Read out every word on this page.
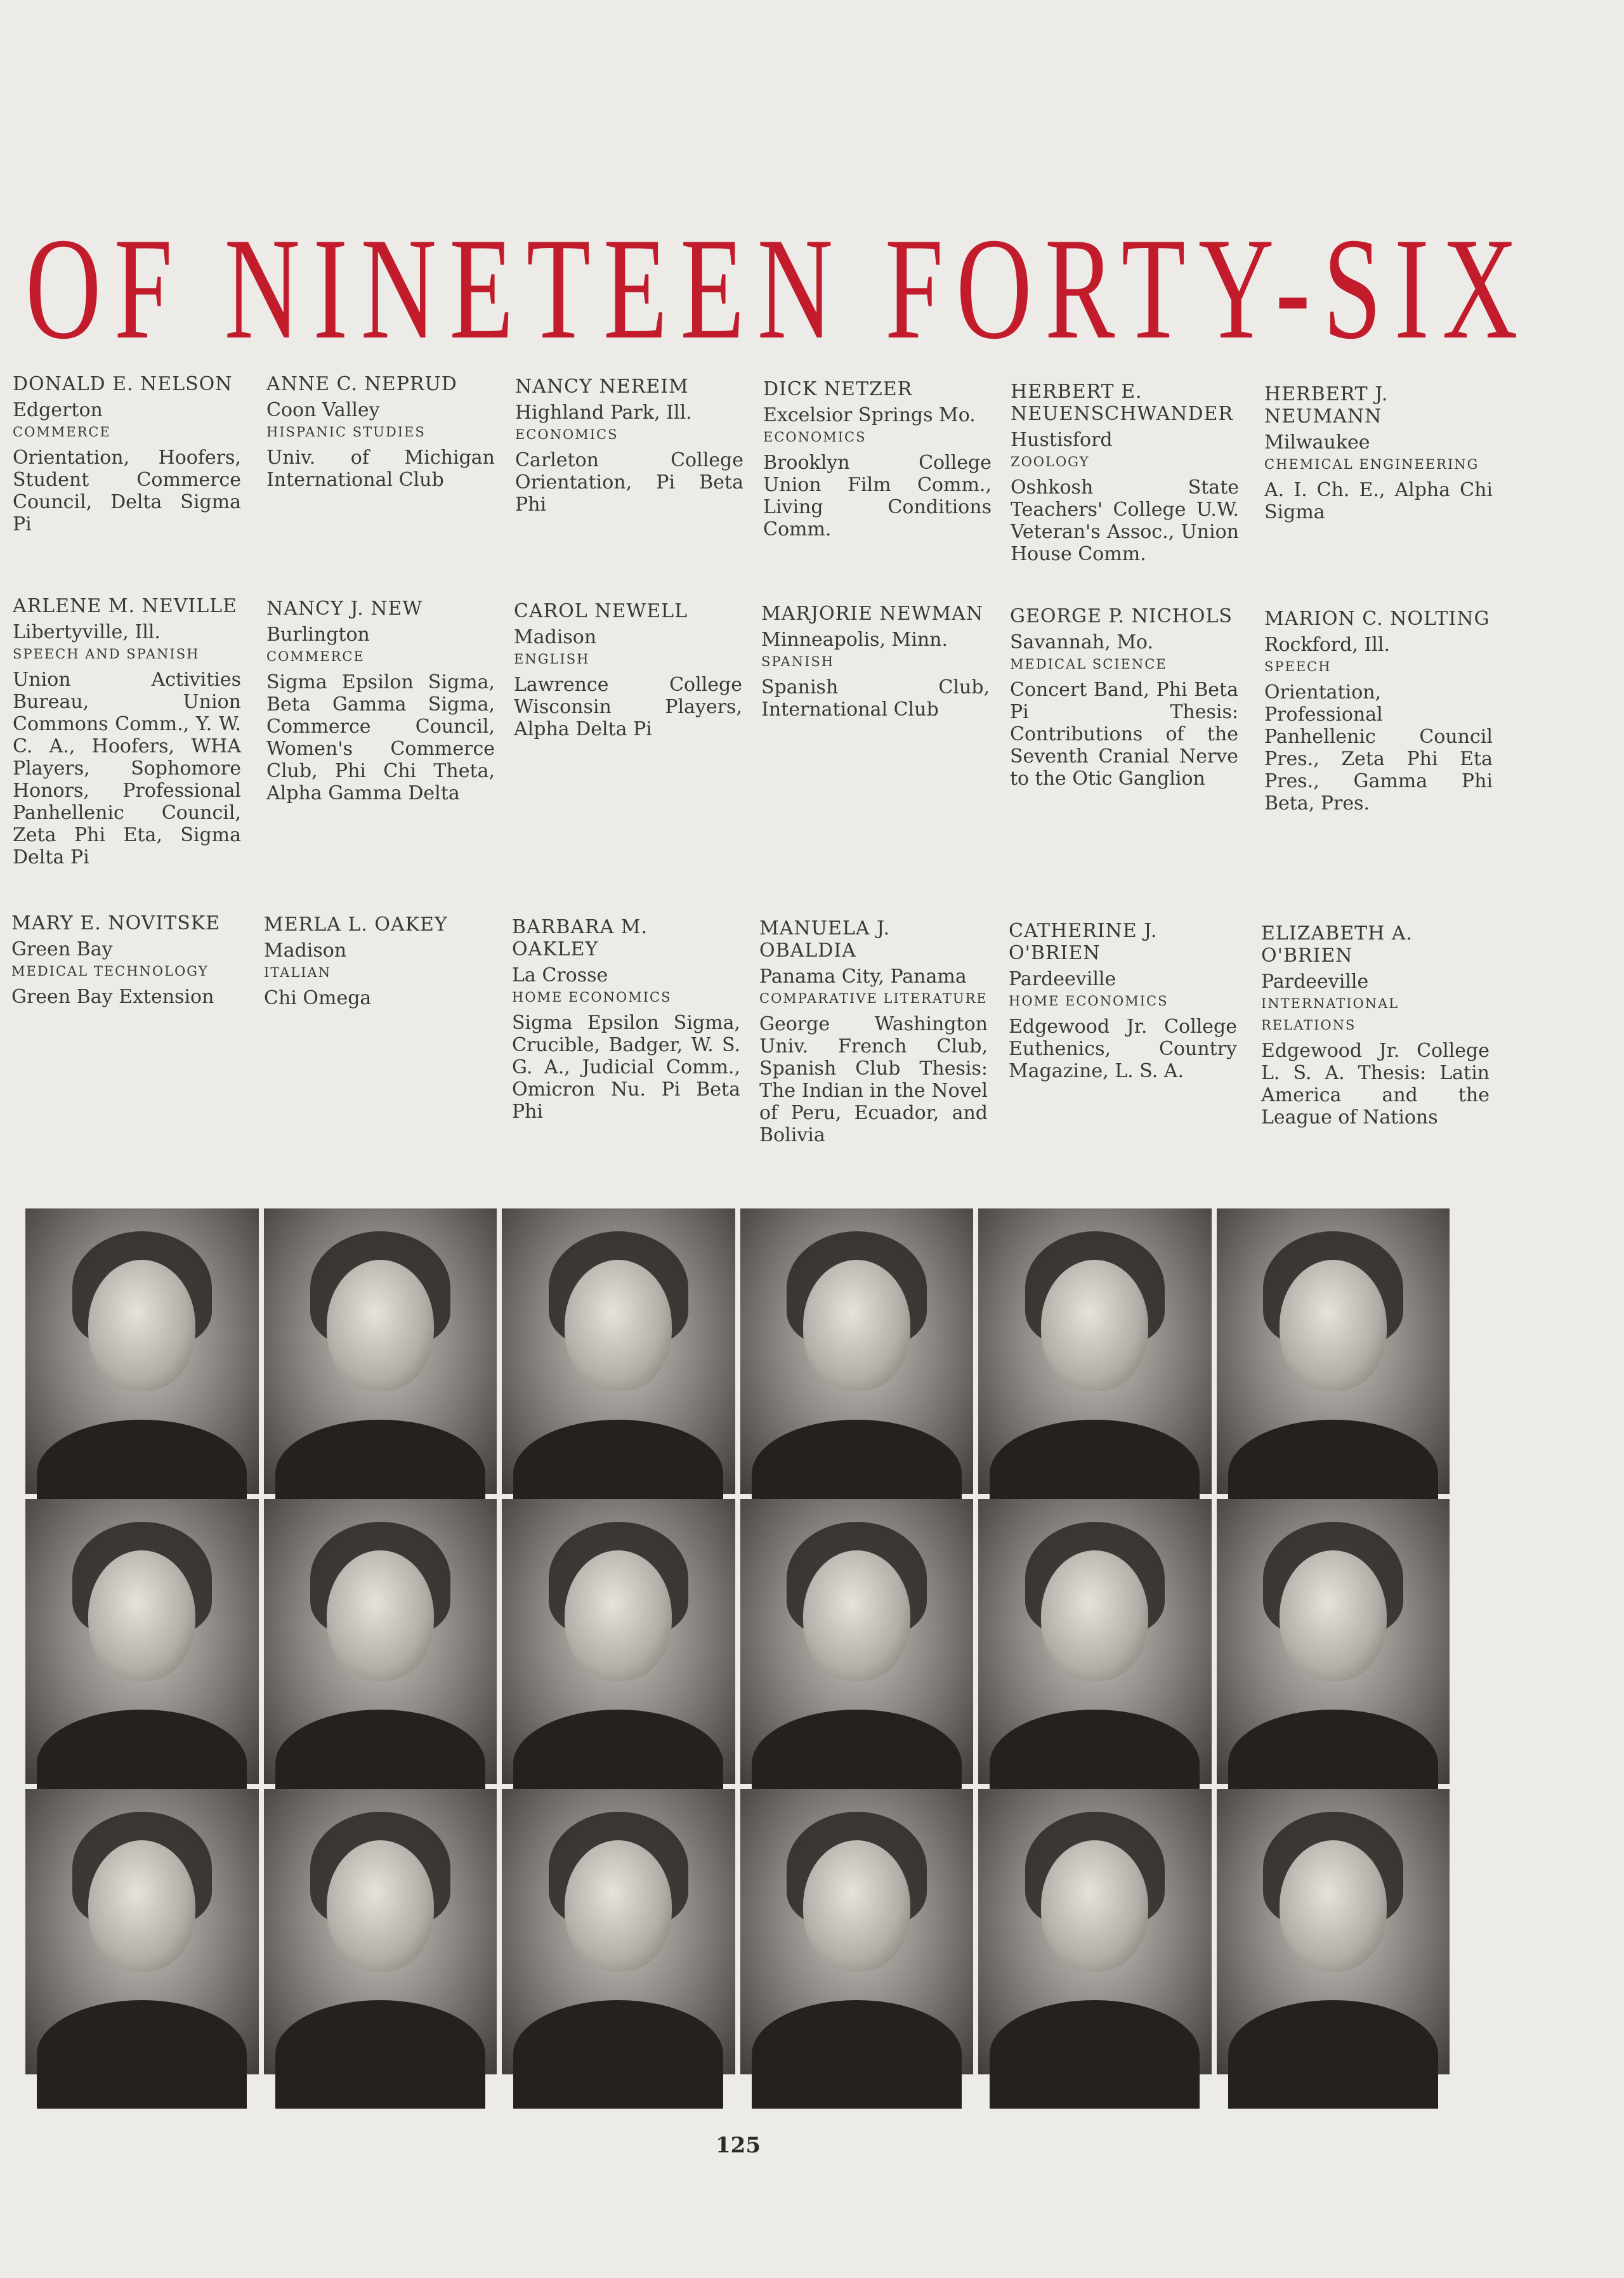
OF NINETEEN FORTY-SIX

DONALD E. NELSON

Edgerton

COMMERCE

Orientation, Hoofers, Student Commerce Council, Delta Sigma Pi

ANNE C. NEPRUD

Coon Valley

HISPANIC STUDIES

Univ. of Michigan International Club

NANCY NEREIM

Highland Park, Ill.

ECONOMICS

Carleton College Orientation, Pi Beta Phi

DICK NETZER

Excelsior Springs Mo.

ECONOMICS

Brooklyn College Union Film Comm., Living Conditions Comm.

HERBERT E. NEUENSCHWANDER

Hustisford

ZOOLOGY

Oshkosh State Teachers' College U.W. Veteran's Assoc., Union House Comm.

HERBERT J. NEUMANN

Milwaukee

CHEMICAL ENGINEERING

A. I. Ch. E., Alpha Chi Sigma

ARLENE M. NEVILLE

Libertyville, Ill.

SPEECH AND SPANISH

Union Activities Bureau, Union Commons Comm., Y. W. C. A., Hoofers, WHA Players, Sophomore Honors, Professional Panhellenic Council, Zeta Phi Eta, Sigma Delta Pi

NANCY J. NEW

Burlington

COMMERCE

Sigma Epsilon Sigma, Beta Gamma Sigma, Commerce Council, Women's Commerce Club, Phi Chi Theta, Alpha Gamma Delta

CAROL NEWELL

Madison

ENGLISH

Lawrence College Wisconsin Players, Alpha Delta Pi

MARJORIE NEWMAN

Minneapolis, Minn.

SPANISH

Spanish Club, International Club

GEORGE P. NICHOLS

Savannah, Mo.

MEDICAL SCIENCE

Concert Band, Phi Beta Pi Thesis: Contributions of the Seventh Cranial Nerve to the Otic Ganglion

MARION C. NOLTING

Rockford, Ill.

SPEECH

Orientation, Professional Panhellenic Council Pres., Zeta Phi Eta Pres., Gamma Phi Beta, Pres.

MARY E. NOVITSKE

Green Bay

MEDICAL TECHNOLOGY

Green Bay Extension

MERLA L. OAKEY

Madison

ITALIAN

Chi Omega

BARBARA M. OAKLEY

La Crosse

HOME ECONOMICS

Sigma Epsilon Sigma, Crucible, Badger, W. S. G. A., Judicial Comm., Omicron Nu. Pi Beta Phi

MANUELA J. OBALDIA

Panama City, Panama

COMPARATIVE LITERATURE

George Washington Univ. French Club, Spanish Club Thesis: The Indian in the Novel of Peru, Ecuador, and Bolivia

CATHERINE J. O'BRIEN

Pardeeville

HOME ECONOMICS

Edgewood Jr. College Euthenics, Country Magazine, L. S. A.

ELIZABETH A. O'BRIEN

Pardeeville

INTERNATIONAL RELATIONS

Edgewood Jr. College L. S. A. Thesis: Latin America and the League of Nations

125
